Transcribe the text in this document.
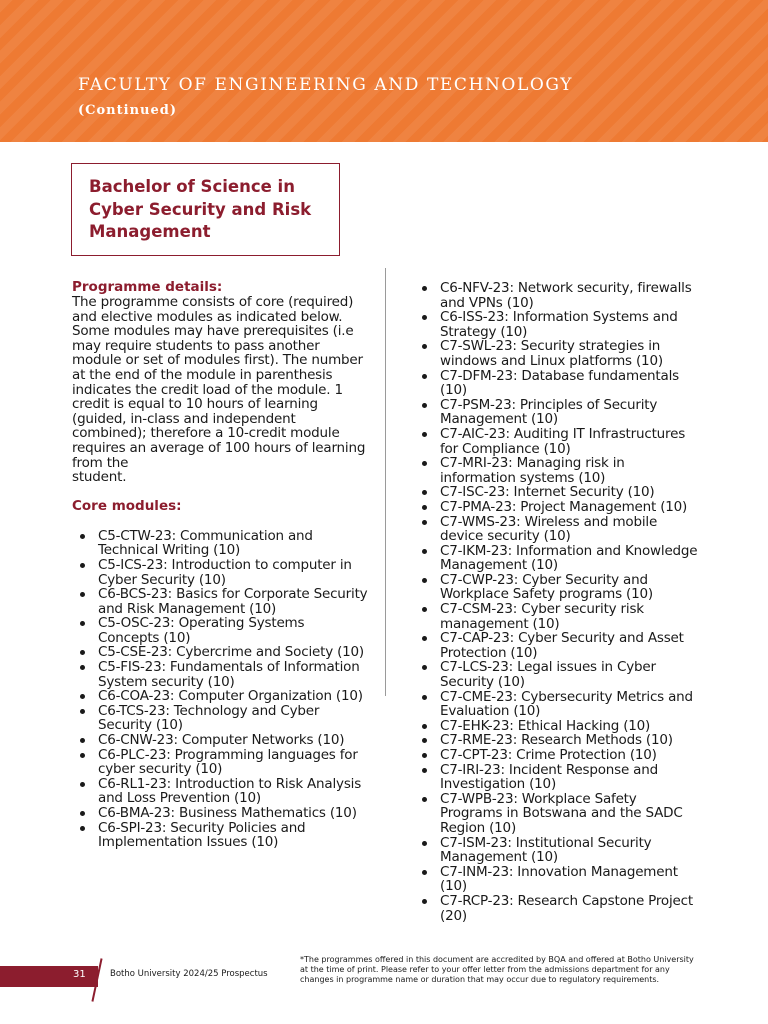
FACULTY OF ENGINEERING AND TECHNOLOGY
(Continued)
Bachelor of Science in Cyber Security and Risk Management
Programme details:
The programme consists of core (required) and elective modules as indicated below. Some modules may have prerequisites (i.e may require students to pass another module or set of modules first). The number at the end of the module in parenthesis indicates the credit load of the module. 1 credit is equal to 10 hours of learning (guided, in-class and independent combined); therefore a 10-credit module requires an average of 100 hours of learning from the
student.
Core modules:
C5-CTW-23: Communication and Technical Writing (10)
C5-ICS-23: Introduction to computer in Cyber Security (10)
C6-BCS-23: Basics for Corporate Security and Risk Management (10)
C5-OSC-23: Operating Systems Concepts (10)
C5-CSE-23: Cybercrime and Society (10)
C5-FIS-23: Fundamentals of Information System security (10)
C6-COA-23: Computer Organization (10)
C6-TCS-23: Technology and Cyber Security (10)
C6-CNW-23: Computer Networks (10)
C6-PLC-23: Programming languages for cyber security (10)
C6-RL1-23: Introduction to Risk Analysis and Loss Prevention (10)
C6-BMA-23: Business Mathematics (10)
C6-SPI-23: Security Policies and Implementation Issues (10)
C6-NFV-23: Network security, firewalls and VPNs (10)
C6-ISS-23: Information Systems and Strategy (10)
C7-SWL-23: Security strategies in windows and Linux platforms (10)
C7-DFM-23: Database fundamentals (10)
C7-PSM-23: Principles of Security Management (10)
C7-AIC-23: Auditing IT Infrastructures for Compliance (10)
C7-MRI-23: Managing risk in information systems (10)
C7-ISC-23: Internet Security (10)
C7-PMA-23: Project Management (10)
C7-WMS-23: Wireless and mobile device security (10)
C7-IKM-23: Information and Knowledge Management (10)
C7-CWP-23: Cyber Security and Workplace Safety programs (10)
C7-CSM-23: Cyber security risk management (10)
C7-CAP-23: Cyber Security and Asset Protection (10)
C7-LCS-23: Legal issues in Cyber Security (10)
C7-CME-23: Cybersecurity Metrics and Evaluation (10)
C7-EHK-23: Ethical Hacking (10)
C7-RME-23: Research Methods (10)
C7-CPT-23: Crime Protection (10)
C7-IRI-23: Incident Response and Investigation (10)
C7-WPB-23: Workplace Safety Programs in Botswana and the SADC Region (10)
C7-ISM-23: Institutional Security Management (10)
C7-INM-23: Innovation Management (10)
C7-RCP-23: Research Capstone Project (20)
31	Botho University 2024/25 Prospectus
*The programmes offered in this document are accredited by BQA and offered at Botho University at the time of print. Please refer to your offer letter from the admissions department for any changes in programme name or duration that may occur due to regulatory requirements.
